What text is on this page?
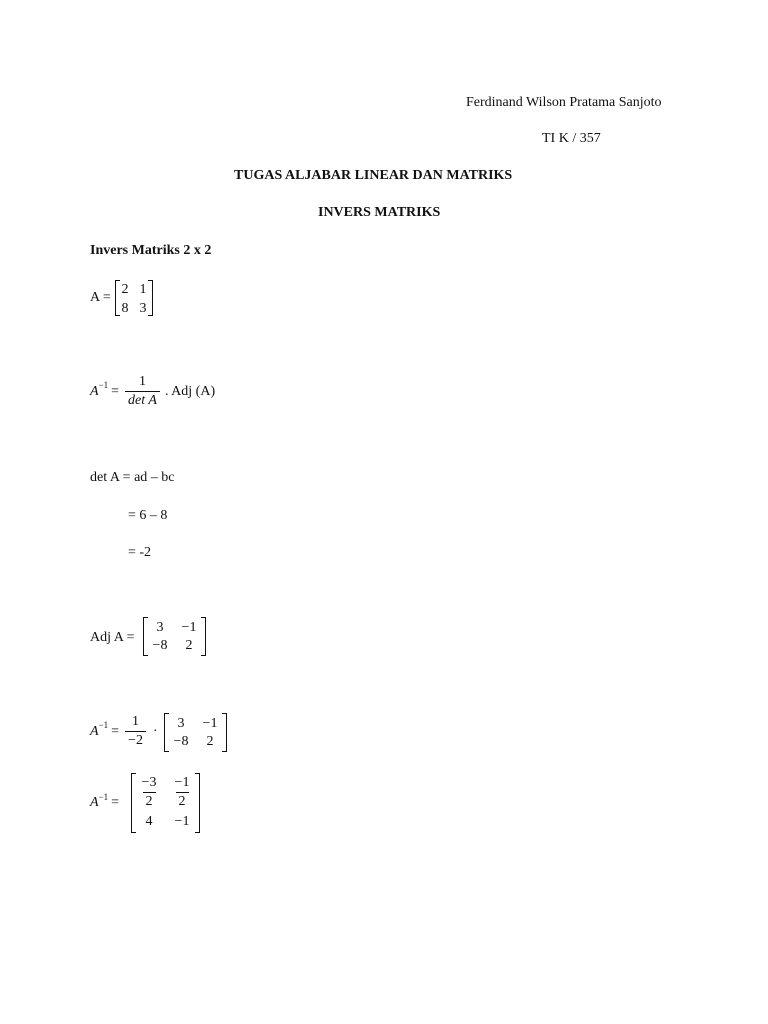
Ferdinand Wilson Pratama Sanjoto
TI K / 357
TUGAS ALJABAR LINEAR DAN MATRIKS
INVERS MATRIKS
Invers Matriks 2 x 2
A =
2 1
8 3
$A -1 = \frac{1}{\text{det A}}$ . Adj (A)
det A = ad – bc
= 6 – 8
= -2
Adj A =
3	−1
−8	2
$A -1 = \frac{1}{-2}$ ·	3	−1
−8	2
$A -1 = \frac{-3}{2} \frac{-1}{2}$
4	−1
